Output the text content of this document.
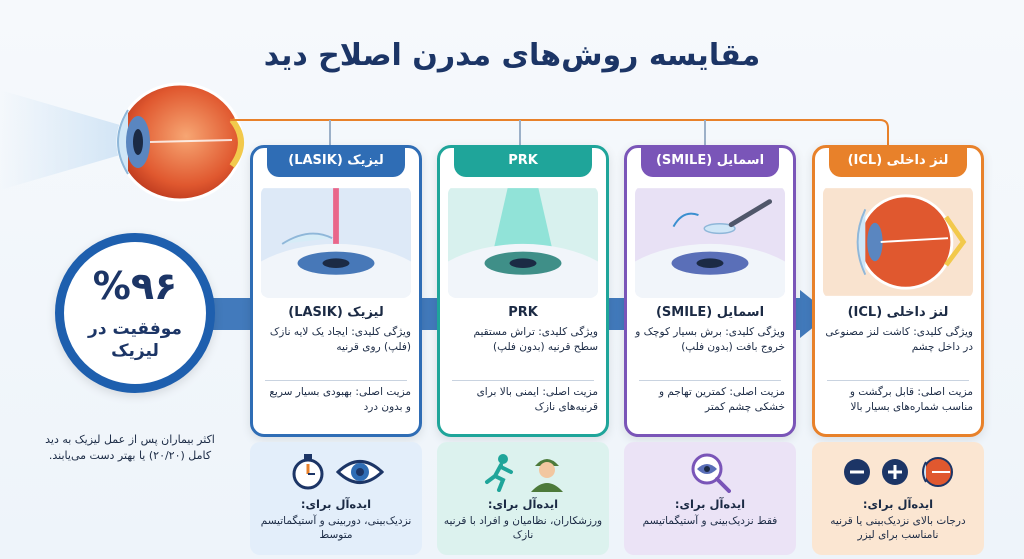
مقایسه روش‌های مدرن اصلاح دید
%۹۶
موفقیت در لیزیک
اکثر بیماران پس از عمل لیزیک به دید کامل (۲۰/۲۰) یا بهتر دست می‌یابند.
لیزیک (LASIK)
لیزیک (LASIK)
ویژگی کلیدی: ایجاد یک لایه نازک (فلپ) روی قرنیه
مزیت اصلی: بهبودی بسیار سریع و بدون درد
PRK
PRK
ویژگی کلیدی: تراش مستقیم سطح قرنیه (بدون فلپ)
مزیت اصلی: ایمنی بالا برای قرنیه‌های نازک
اسمایل (SMILE)
اسمایل (SMILE)
ویژگی کلیدی: برش بسیار کوچک و خروج بافت (بدون فلپ)
مزیت اصلی: کمترین تهاجم و خشکی چشم کمتر
لنز داخلی (ICL)
لنز داخلی (ICL)
ویژگی کلیدی: کاشت لنز مصنوعی در داخل چشم
مزیت اصلی: قابل برگشت و مناسب شماره‌های بسیار بالا
ایده‌آل برای:
نزدیک‌بینی، دوربینی و آستیگماتیسم متوسط
ایده‌آل برای:
ورزشکاران، نظامیان و افراد با قرنیه نازک
ایده‌آل برای:
فقط نزدیک‌بینی و آستیگماتیسم
ایده‌آل برای:
درجات بالای نزدیک‌بینی یا قرنیه نامناسب برای لیزر
